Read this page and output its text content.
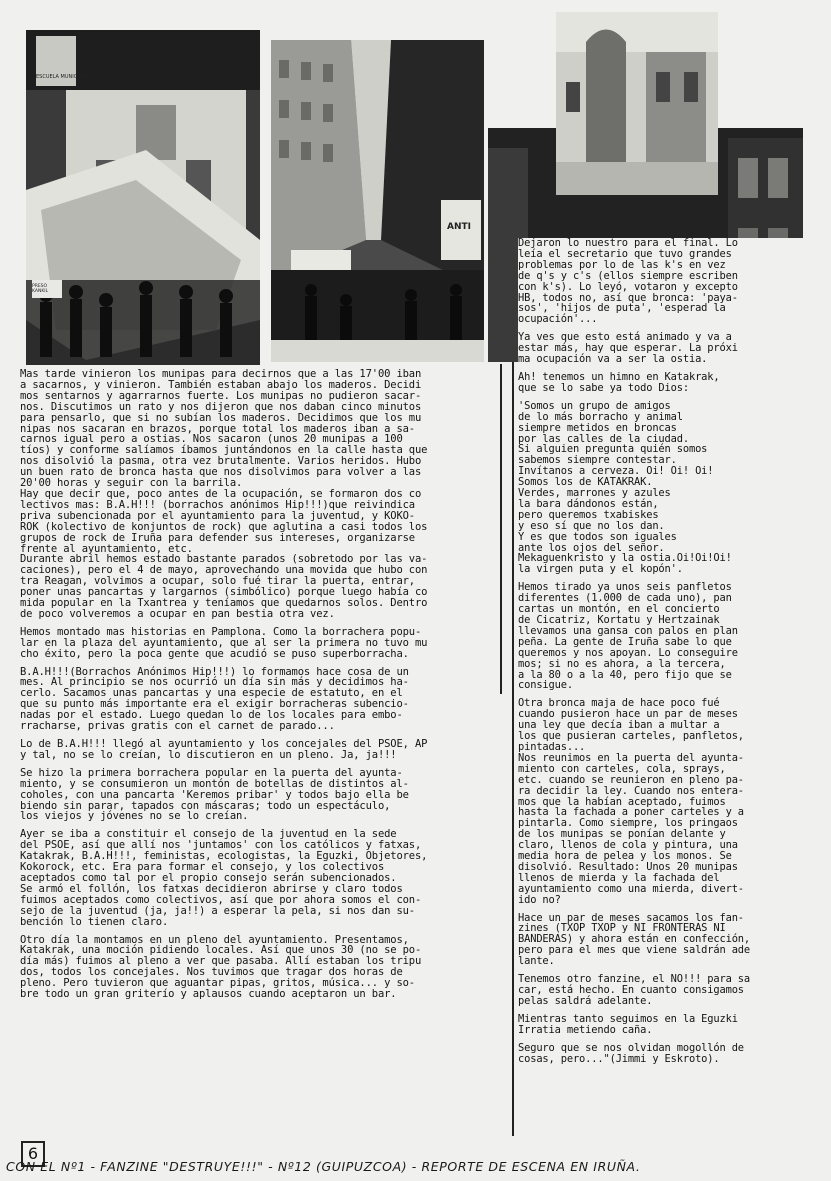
ESCUELA MUNICIPAL
PRESO KANKIL
ANTI

Mas tarde vinieron los munipas para decirnos que a las 17'00 iban
a sacarnos, y vinieron. También estaban abajo los maderos. Decidi
mos sentarnos y agarrarnos fuerte. Los munipas no pudieron sacar-
nos. Discutimos un rato y nos dijeron que nos daban cinco minutos
para pensarlo, que si no subían los maderos. Decidimos que los mu
nipas nos sacaran en brazos, porque total los maderos iban a sa-
carnos igual pero a ostias. Nos sacaron (unos 20 munipas a 100
tíos) y conforme salíamos íbamos juntándonos en la calle hasta que
nos disolvió la pasma, otra vez brutalmente. Varios heridos. Hubo
un buen rato de bronca hasta que nos disolvimos para volver a las
20'00 horas y seguir con la barrila.
Hay que decir que, poco antes de la ocupación, se formaron dos co
lectivos mas: B.A.H!!! (borrachos anónimos Hip!!!)que reivindica
priva subencionada por el ayuntamiento para la juventud, y KOKO-
ROK (kolectivo de konjuntos de rock) que aglutina a casi todos los
grupos de rock de Iruña para defender sus intereses, organizarse
frente al ayuntamiento, etc.
Durante abril hemos estado bastante parados (sobretodo por las va-
caciones), pero el 4 de mayo, aprovechando una movida que hubo con
tra Reagan, volvimos a ocupar, solo fué tirar la puerta, entrar,
poner unas pancartas y largarnos (simbólico) porque luego había co
mida popular en la Txantrea y teníamos que quedarnos solos. Dentro
de poco volveremos a ocupar en pan bestia otra vez.

Hemos montado mas historias en Pamplona. Como la borrachera popu-
lar en la plaza del ayuntamiento, que al ser la primera no tuvo mu
cho éxito, pero la poca gente que acudió se puso superborracha.

B.A.H!!!(Borrachos Anónimos Hip!!!) lo formamos hace cosa de un
mes. Al principio se nos ocurrió un día sin más y decidimos ha-
cerlo. Sacamos unas pancartas y una especie de estatuto, en el
que su punto más importante era el exigir borracheras subencio-
nadas por el estado. Luego quedan lo de los locales para embo-
rracharse, privas gratis con el carnet de parado...

Lo de B.A.H!!! llegó al ayuntamiento y los concejales del PSOE, AP
y tal, no se lo creían, lo discutieron en un pleno. Ja, ja!!!

Se hizo la primera borrachera popular en la puerta del ayunta-
miento, y se consumieron un montón de botellas de distintos al-
coholes, con una pancarta 'Keremos pribar' y todos bajo ella be
biendo sin parar, tapados con máscaras; todo un espectáculo,
los viejos y jóvenes no se lo creían.

Ayer se iba a constituir el consejo de la juventud en la sede
del PSOE, así que allí nos 'juntamos' con los católicos y fatxas,
Katakrak, B.A.H!!!, feministas, ecologistas, la Eguzki, Objetores,
Kokorock, etc. Era para formar el consejo, y los colectivos
aceptados como tal por el propio consejo serán subencionados.
Se armó el follón, los fatxas decidieron abrirse y claro todos
fuimos aceptados como colectivos, así que por ahora somos el con-
sejo de la juventud (ja, ja!!) a esperar la pela, si nos dan su-
bención lo tienen claro.

Otro día la montamos en un pleno del ayuntamiento. Presentamos,
Katakrak, una moción pidiendo locales. Así que unos 30 (no se po-
día más) fuimos al pleno a ver que pasaba. Allí estaban los tripu
dos, todos los concejales. Nos tuvimos que tragar dos horas de
pleno. Pero tuvieron que aguantar pipas, gritos, música... y so-
bre todo un gran griterío y aplausos cuando aceptaron un bar.

Dejaron lo nuestro para el final. Lo
leía el secretario que tuvo grandes
problemas por lo de las k's en vez
de q's y c's (ellos siempre escriben
con k's). Lo leyó, votaron y excepto
HB, todos no, así que bronca: 'paya-
sos', 'hijos de puta', 'esperad la
ocupación'...

Ya ves que esto está animado y va a
estar más, hay que esperar. La próxi
ma ocupación va a ser la ostia.

Ah! tenemos un himno en Katakrak,
que se lo sabe ya todo Dios:

'Somos un grupo de amigos
de lo más borracho y animal
siempre metidos en broncas
por las calles de la ciudad.
Si alguien pregunta quién somos
sabemos siempre contestar.
Invítanos a cerveza. Oi! Oi! Oi!
Somos los de KATAKRAK.
Verdes, marrones y azules
la bara dándonos están,
pero queremos txabiskes
y eso sí que no los dan.
Y es que todos son iguales
ante los ojos del señor.
Mekaguenkristo y la ostia.Oi!Oi!Oi!
la virgen puta y el kopón'.

Hemos tirado ya unos seis panfletos
diferentes (1.000 de cada uno), pan
cartas un montón, en el concierto
de Cicatriz, Kortatu y Hertzainak
llevamos una gansa con palos en plan
peña. La gente de Iruña sabe lo que
queremos y nos apoyan. Lo conseguire
mos; si no es ahora, a la tercera,
a la 80 o a la 40, pero fijo que se
consigue.

Otra bronca maja de hace poco fué
cuando pusieron hace un par de meses
una ley que decía iban a multar a
los que pusieran carteles, panfletos,
pintadas...
Nos reunimos en la puerta del ayunta-
miento con carteles, cola, sprays,
etc. cuando se reunieron en pleno pa-
ra decidir la ley. Cuando nos entera-
mos que la habían aceptado, fuimos
hasta la fachada a poner carteles y a
pintarla. Como siempre, los pringaos
de los munipas se ponían delante y
claro, llenos de cola y pintura, una
media hora de pelea y los monos. Se
disolvió. Resultado: Unos 20 munipas
llenos de mierda y la fachada del
ayuntamiento como una mierda, divert-
ido no?

Hace un par de meses sacamos los fan-
zines (TXOP TXOP y NI FRONTERAS NI
BANDERAS) y ahora están en confección,
pero para el mes que viene saldrán ade
lante.

Tenemos otro fanzine, el NO!!! para sa
car, está hecho. En cuanto consigamos
pelas saldrá adelante.

Mientras tanto seguimos en la Eguzki
Irratia metiendo caña.

Seguro que se nos olvidan mogollón de
cosas, pero..."(Jimmi y Eskroto).

6
CON EL Nº1 - FANZINE "DESTRUYE!!!" - Nº12 (GUIPUZCOA) - REPORTE DE ESCENA EN IRUÑA.
